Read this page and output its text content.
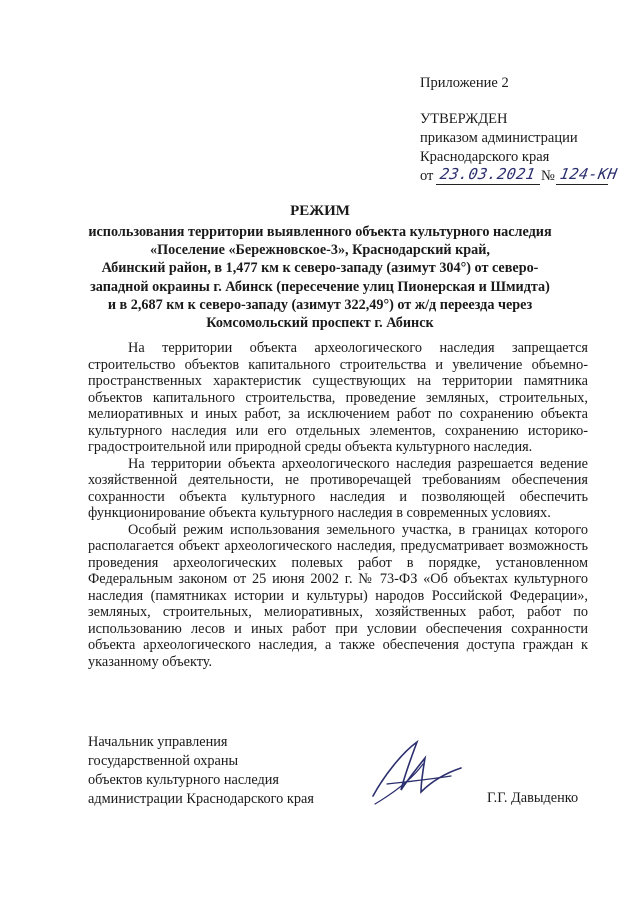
Приложение 2
УТВЕРЖДЕН
приказом администрации
Краснодарского края
от 23.03.2021 № 124-КН
РЕЖИМ
использования территории выявленного объекта культурного наследия
«Поселение «Бережновское-3», Краснодарский край,
Абинский район, в 1,477 км к северо-западу (азимут 304°) от северо-
западной окраины г. Абинск (пересечение улиц Пионерская и Шмидта)
и в 2,687 км к северо-западу (азимут 322,49°) от ж/д переезда через
Комсомольский проспект г. Абинск

На территории объекта археологического наследия запрещается строительство объектов капитального строительства и увеличение объемно-пространственных характеристик существующих на территории памятника объектов капитального строительства, проведение земляных, строительных, мелиоративных и иных работ, за исключением работ по сохранению объекта культурного наследия или его отдельных элементов, сохранению историко-градостроительной или природной среды объекта культурного наследия.

На территории объекта археологического наследия разрешается ведение хозяйственной деятельности, не противоречащей требованиям обеспечения сохранности объекта культурного наследия и позволяющей обеспечить функционирование объекта культурного наследия в современных условиях.

Особый режим использования земельного участка, в границах которого располагается объект археологического наследия, предусматривает возможность проведения археологических полевых работ в порядке, установленном Федеральным законом от 25 июня 2002 г. № 73-ФЗ «Об объектах культурного наследия (памятниках истории и культуры) народов Российской Федерации», земляных, строительных, мелиоративных, хозяйственных работ, работ по использованию лесов и иных работ при условии обеспечения сохранности объекта археологического наследия, а также обеспечения доступа граждан к указанному объекту.

Начальник управления
государственной охраны
объектов культурного наследия
администрации Краснодарского края	Г.Г. Давыденко
